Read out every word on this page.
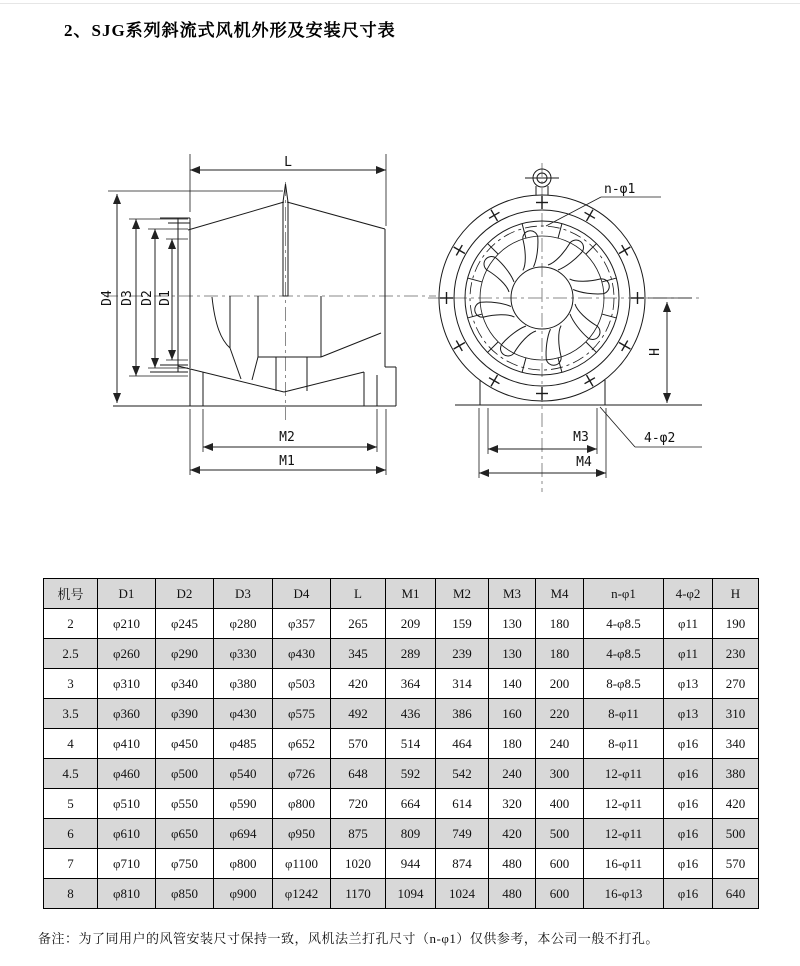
2、SJG系列斜流式风机外形及安装尺寸表
L
D4 D3 D2 D1
M2
M1
n-φ1
4-φ2
M3
M4
H
机号	D1	D2	D3	D4	L	M1	M2	M3	M4	n-φ1	4-φ2	H
2	φ210	φ245	φ280	φ357	265	209	159	130	180	4-φ8.5	φ11	190
2.5	φ260	φ290	φ330	φ430	345	289	239	130	180	4-φ8.5	φ11	230
3	φ310	φ340	φ380	φ503	420	364	314	140	200	8-φ8.5	φ13	270
3.5	φ360	φ390	φ430	φ575	492	436	386	160	220	8-φ11	φ13	310
4	φ410	φ450	φ485	φ652	570	514	464	180	240	8-φ11	φ16	340
4.5	φ460	φ500	φ540	φ726	648	592	542	240	300	12-φ11	φ16	380
5	φ510	φ550	φ590	φ800	720	664	614	320	400	12-φ11	φ16	420
6	φ610	φ650	φ694	φ950	875	809	749	420	500	12-φ11	φ16	500
7	φ710	φ750	φ800	φ1100	1020	944	874	480	600	16-φ11	φ16	570
8	φ810	φ850	φ900	φ1242	1170	1094	1024	480	600	16-φ13	φ16	640
备注：为了同用户的风管安装尺寸保持一致，风机法兰打孔尺寸（n-φ1）仅供参考，本公司一般不打孔。
